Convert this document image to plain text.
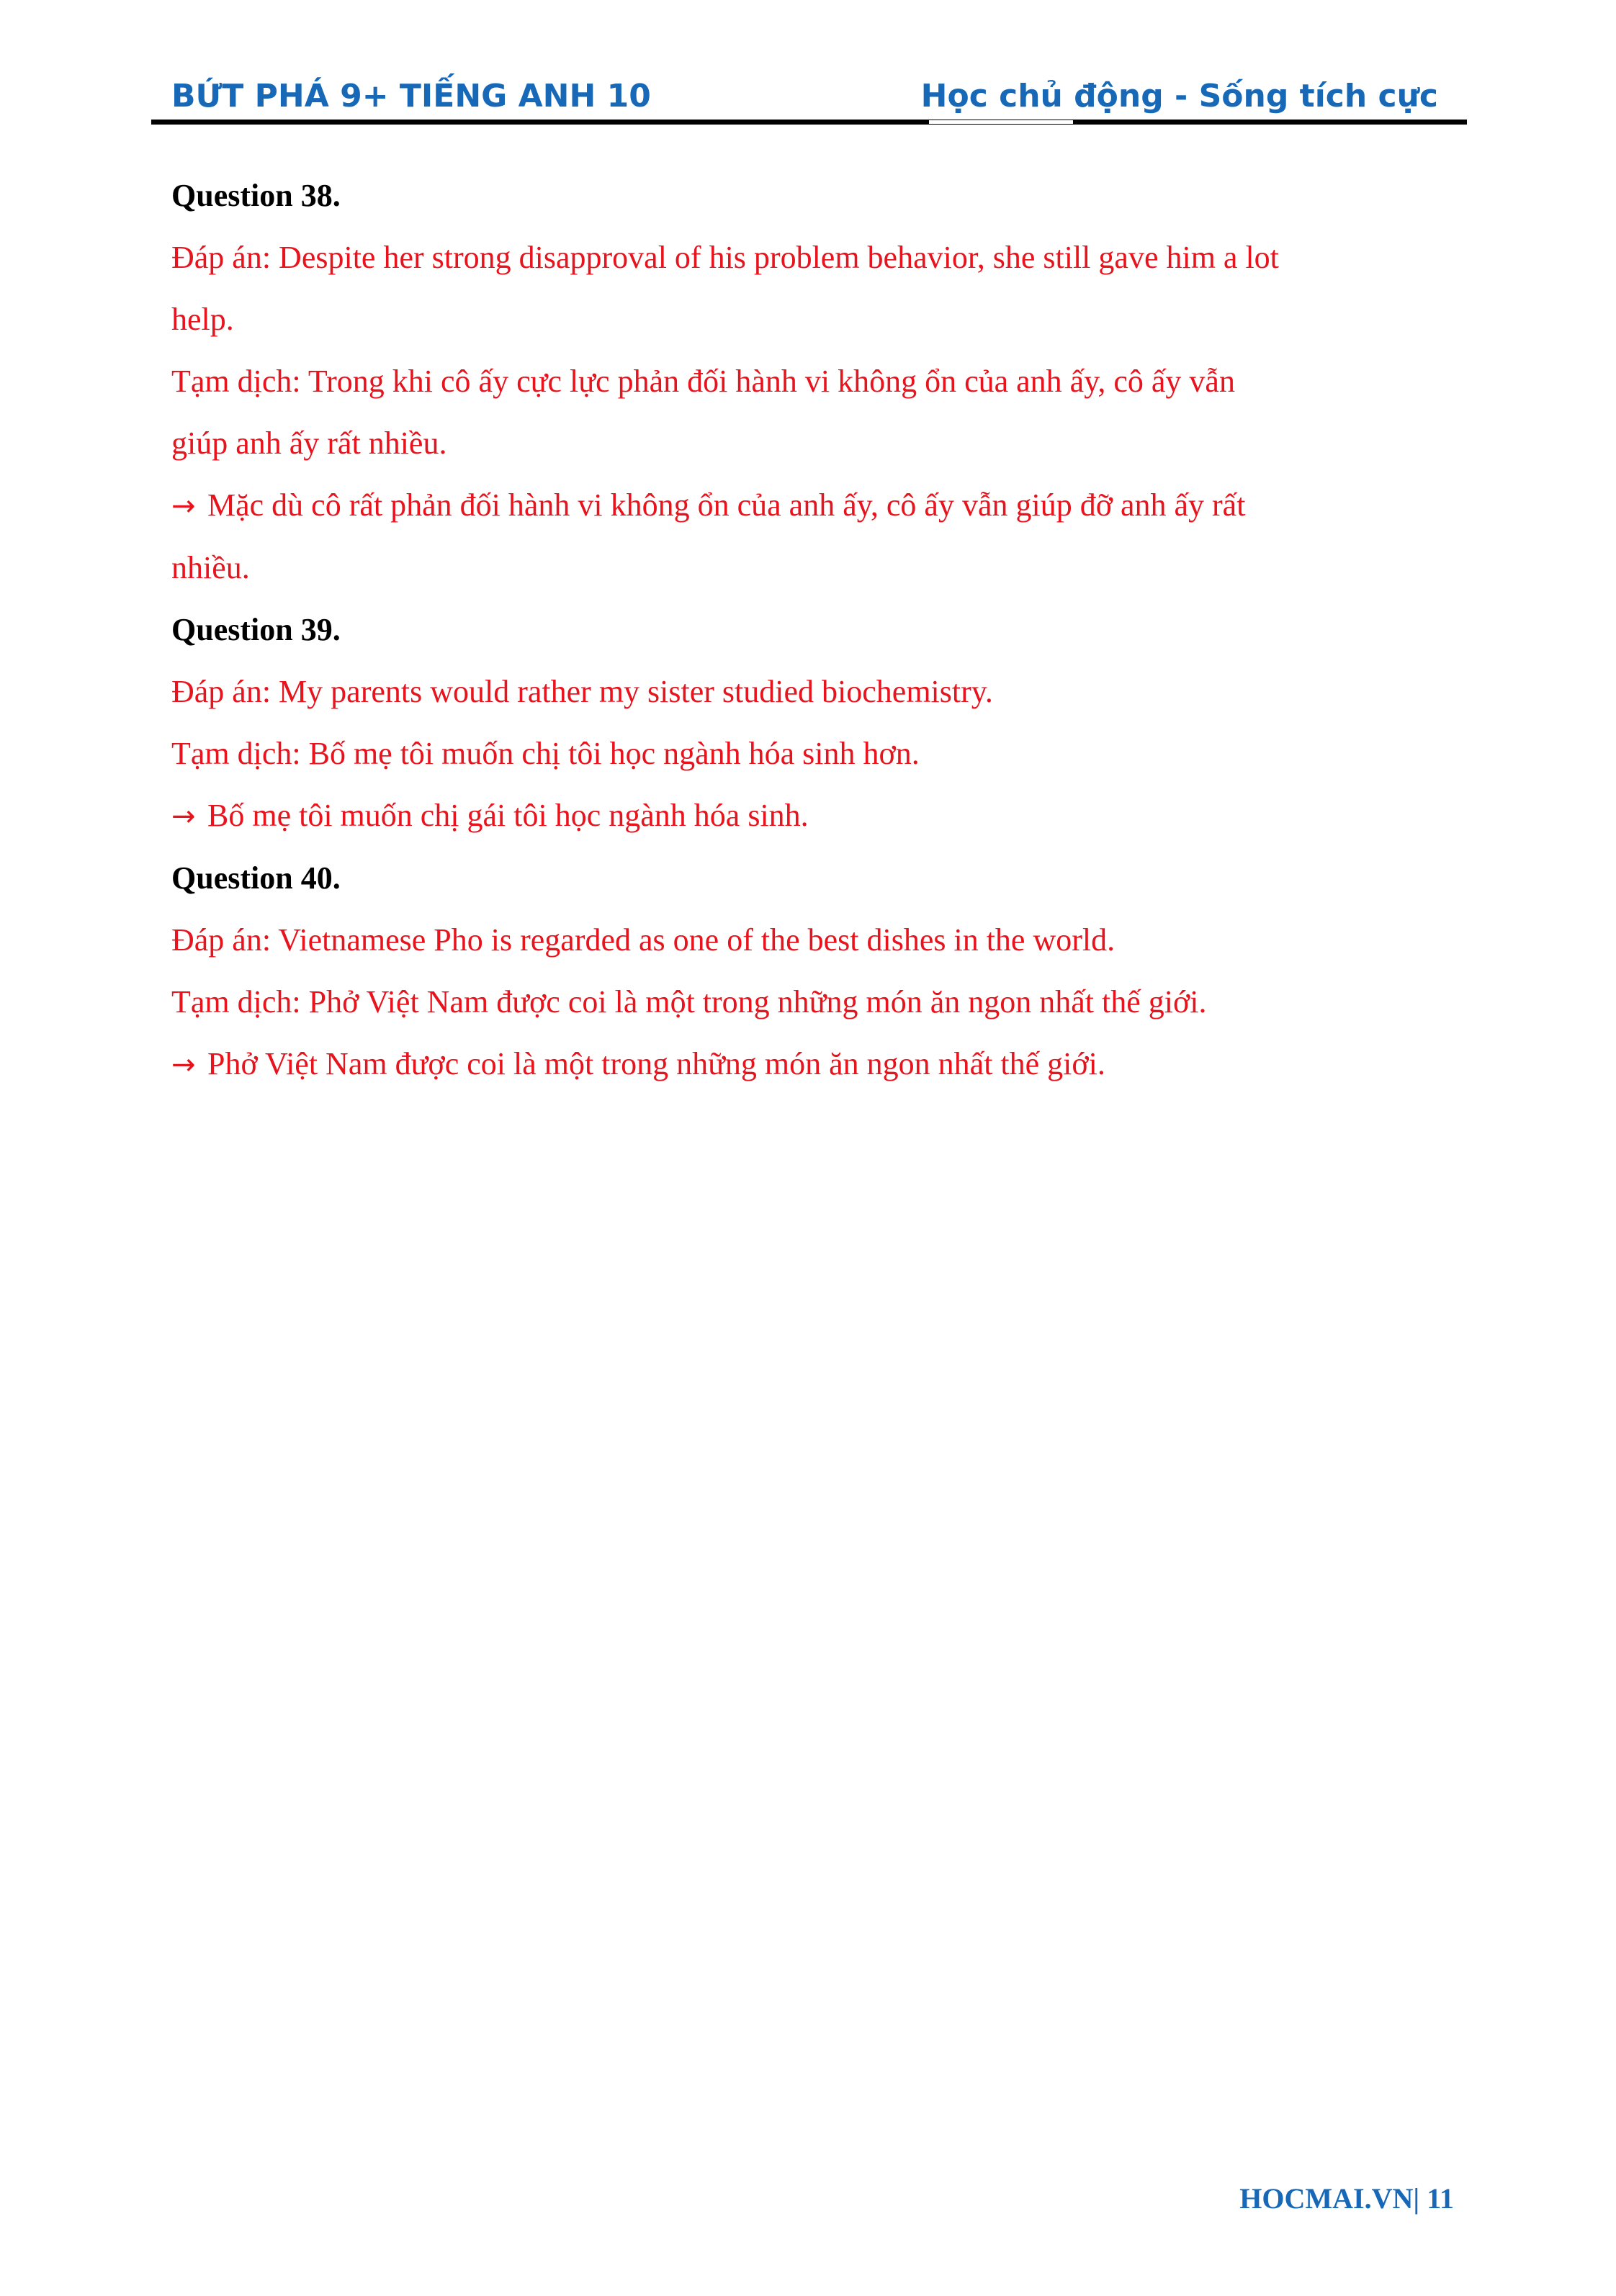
BỨT PHÁ 9+ TIẾNG ANH 10	Học chủ động - Sống tích cực

Question 38.

Đáp án: Despite her strong disapproval of his problem behavior, she still gave him a lot

help.

Tạm dịch: Trong khi cô ấy cực lực phản đối hành vi không ổn của anh ấy, cô ấy vẫn

giúp anh ấy rất nhiều.

→ Mặc dù cô rất phản đối hành vi không ổn của anh ấy, cô ấy vẫn giúp đỡ anh ấy rất

nhiều.

Question 39.

Đáp án: My parents would rather my sister studied biochemistry.

Tạm dịch: Bố mẹ tôi muốn chị tôi học ngành hóa sinh hơn.

→ Bố mẹ tôi muốn chị gái tôi học ngành hóa sinh.

Question 40.

Đáp án: Vietnamese Pho is regarded as one of the best dishes in the world.

Tạm dịch: Phở Việt Nam được coi là một trong những món ăn ngon nhất thế giới.

→ Phở Việt Nam được coi là một trong những món ăn ngon nhất thế giới.

HOCMAI.VN| 11
